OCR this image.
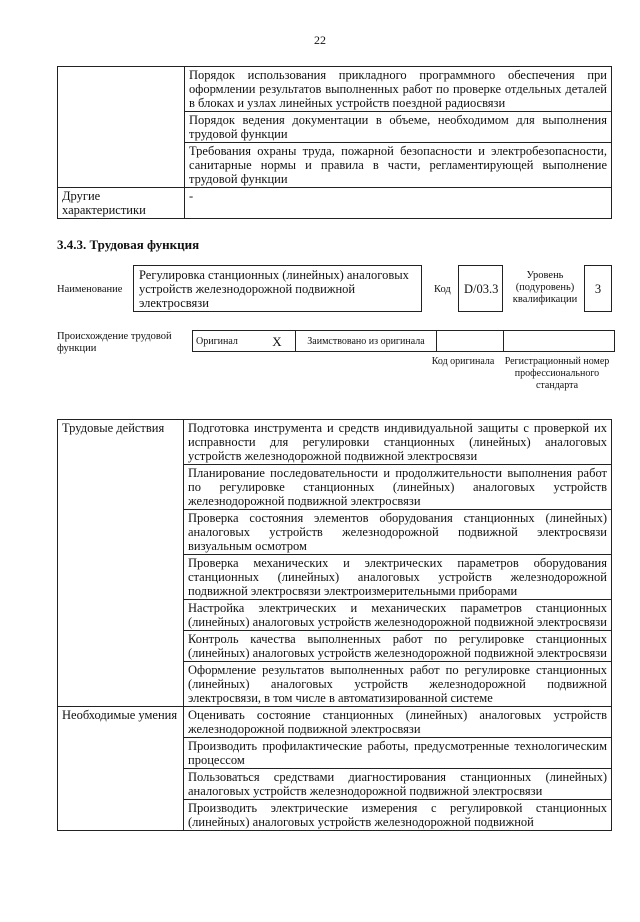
22
	Порядок использования прикладного программного обеспечения при оформлении результатов выполненных работ по проверке отдельных деталей в блоках и узлах линейных устройств поездной радиосвязи
	Порядок ведения документации в объеме, необходимом для выполнения трудовой функции
	Требования охраны труда, пожарной безопасности и электробезопасности, санитарные нормы и правила в части, регламентирующей выполнение трудовой функции
Другие характеристики	-
3.4.3. Трудовая функция
Наименование
Регулировка станционных (линейных) аналоговых устройств железнодорожной подвижной электросвязи
Код	D/03.3
Уровень (подуровень) квалификации
3
Происхождение трудовой функции
Оригинал	X	Заимствовано из оригинала		
Код оригинала	Регистрационный номер профессионального стандарта
Трудовые действия	Подготовка инструмента и средств индивидуальной защиты с проверкой их исправности для регулировки станционных (линейных) аналоговых устройств железнодорожной подвижной электросвязи
	Планирование последовательности и продолжительности выполнения работ по регулировке станционных (линейных) аналоговых устройств железнодорожной подвижной электросвязи
	Проверка состояния элементов оборудования станционных (линейных) аналоговых устройств железнодорожной подвижной электросвязи визуальным осмотром
	Проверка механических и электрических параметров оборудования станционных (линейных) аналоговых устройств железнодорожной подвижной электросвязи электроизмерительными приборами
	Настройка электрических и механических параметров станционных (линейных) аналоговых устройств железнодорожной подвижной электросвязи
	Контроль качества выполненных работ по регулировке станционных (линейных) аналоговых устройств железнодорожной подвижной электросвязи
	Оформление результатов выполненных работ по регулировке станционных (линейных) аналоговых устройств железнодорожной подвижной электросвязи, в том числе в автоматизированной системе
Необходимые умения	Оценивать состояние станционных (линейных) аналоговых устройств железнодорожной подвижной электросвязи
	Производить профилактические работы, предусмотренные технологическим процессом
	Пользоваться средствами диагностирования станционных (линейных) аналоговых устройств железнодорожной подвижной электросвязи
	Производить электрические измерения с регулировкой станционных (линейных) аналоговых устройств железнодорожной подвижной
